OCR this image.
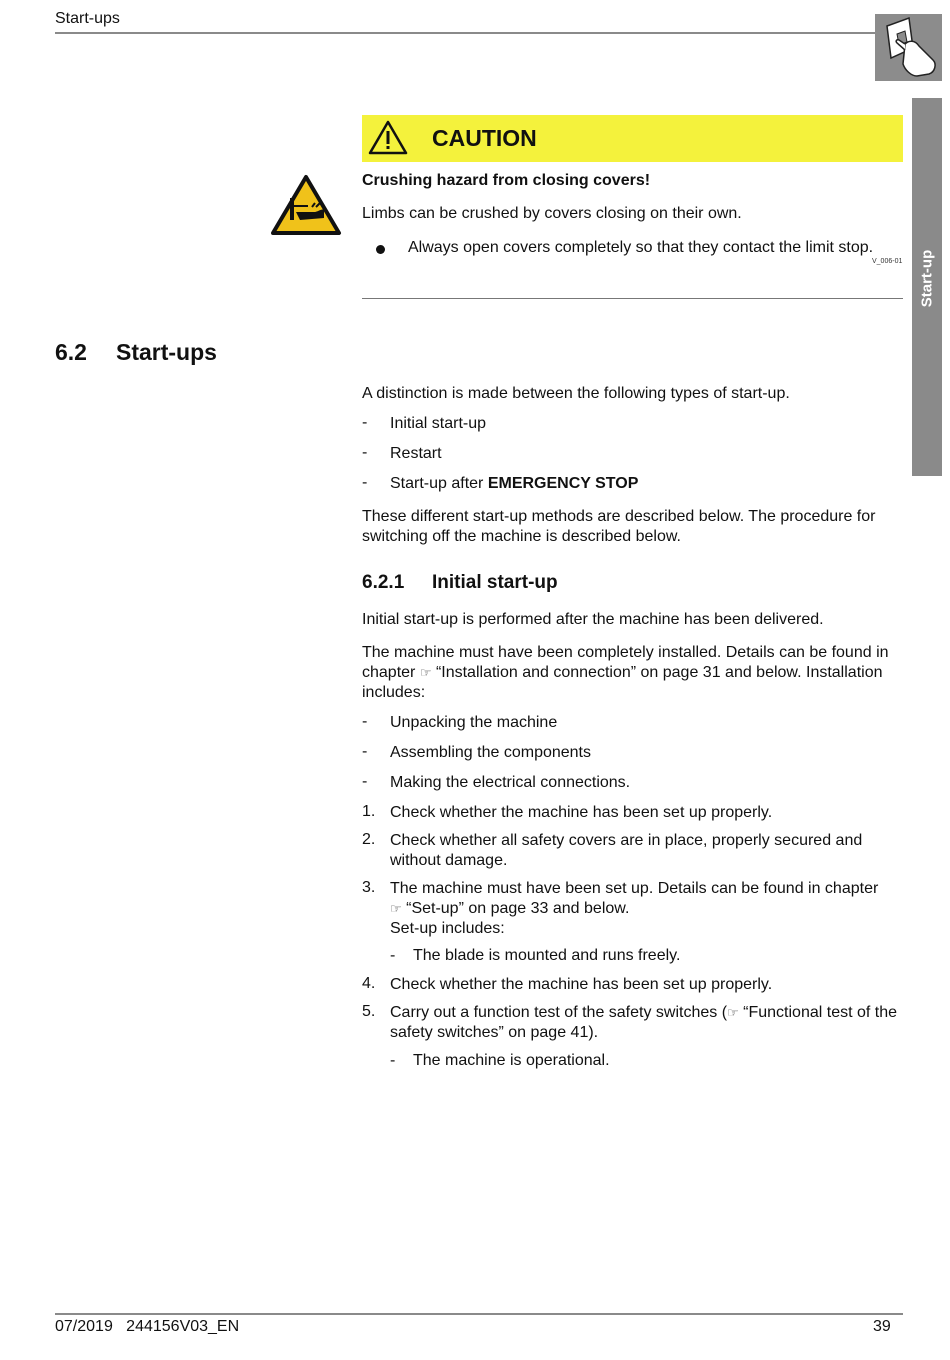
Start-ups
Start-up
CAUTION
Crushing hazard from closing covers!
Limbs can be crushed by covers closing on their own.
Always open covers completely so that they contact the limit stop.
V_006-01
6.2 Start-ups
A distinction is made between the following types of start-up.
- Initial start-up
- Restart
- Start-up after EMERGENCY STOP
These different start-up methods are described below. The procedure for switching off the machine is described below.
6.2.1 Initial start-up
Initial start-up is performed after the machine has been delivered.
The machine must have been completely installed. Details can be found in chapter ☞ “Installation and connection” on page 31 and below. Installation includes:
- Unpacking the machine
- Assembling the components
- Making the electrical connections.
1. Check whether the machine has been set up properly.
2. Check whether all safety covers are in place, properly secured and without damage.
3. The machine must have been set up. Details can be found in chapter
☞ “Set-up” on page 33 and below.
Set-up includes:
- The blade is mounted and runs freely.
4. Check whether the machine has been set up properly.
5. Carry out a function test of the safety switches (☞ “Functional test of the safety switches” on page 41).
- The machine is operational.
07/2019   244156V03_EN	39
